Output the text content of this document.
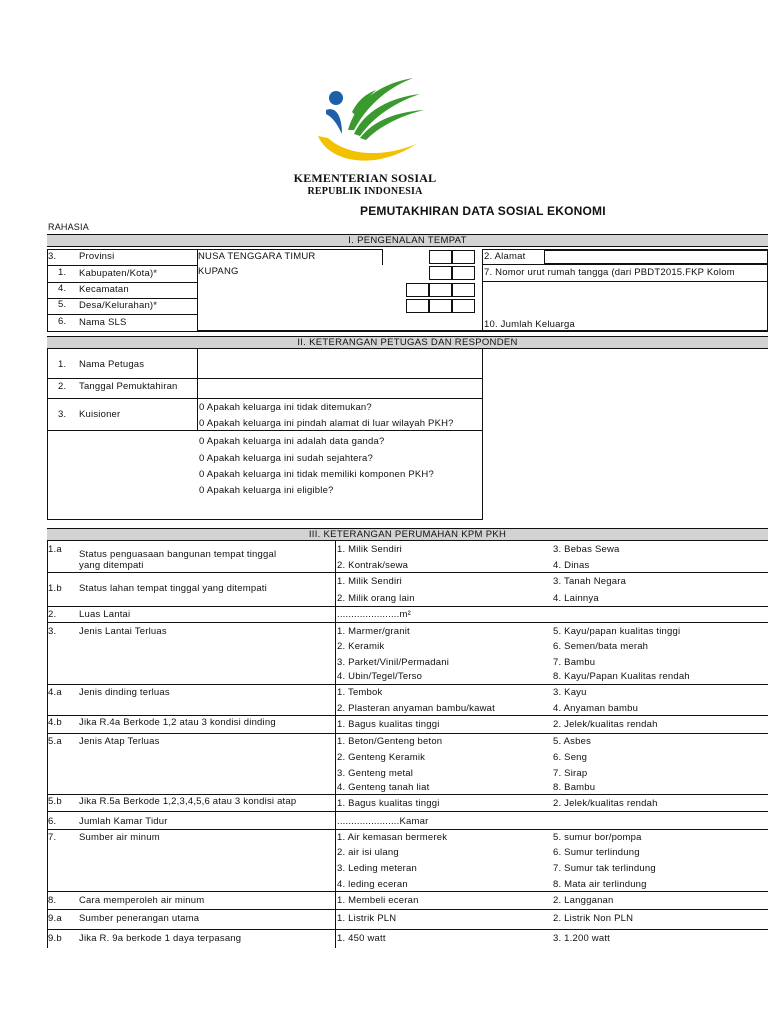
KEMENTERIAN SOSIAL
REPUBLIK INDONESIA
PEMUTAKHIRAN DATA SOSIAL EKONOMI
RAHASIA
I. PENGENALAN TEMPAT
3. Provinsi	NUSA TENGGARA TIMUR
1. Kabupaten/Kota)*	KUPANG
4. Kecamatan
5. Desa/Kelurahan)*
6. Nama SLS
2. Alamat
7. Nomor urut rumah tangga (dari PBDT2015.FKP Kolom
10. Jumlah Keluarga
II. KETERANGAN PETUGAS DAN RESPONDEN
1. Nama Petugas
2. Tanggal Pemuktahiran
3. Kuisioner
0 Apakah keluarga ini tidak ditemukan?
0 Apakah keluarga ini pindah alamat di luar wilayah PKH?
0 Apakah keluarga ini adalah data ganda?
0 Apakah keluarga ini sudah sejahtera?
0 Apakah keluarga ini tidak memiliki komponen PKH?
0 Apakah keluarga ini eligible?
III. KETERANGAN PERUMAHAN KPM PKH
1.a Status penguasaan bangunan tempat tinggal
yang ditempati
1. Milik Sendiri	3. Bebas Sewa
2. Kontrak/sewa	4. Dinas
1.b Status lahan tempat tinggal yang ditempati
1. Milik Sendiri	3. Tanah Negara
2. Milik orang lain	4. Lainnya
2. Luas Lantai	......................m²
3. Jenis Lantai Terluas	1. Marmer/granit	5. Kayu/papan kualitas tinggi
2. Keramik	6. Semen/bata merah
3. Parket/Vinil/Permadani	7. Bambu
4. Ubin/Tegel/Terso	8. Kayu/Papan Kualitas rendah
4.a Jenis dinding terluas	1. Tembok	3. Kayu
2. Plasteran anyaman bambu/kawat	4. Anyaman bambu
4.b Jika R.4a Berkode 1,2 atau 3 kondisi dinding	1. Bagus kualitas tinggi	2. Jelek/kualitas rendah
5.a Jenis Atap Terluas	1. Beton/Genteng beton	5. Asbes
2. Genteng Keramik	6. Seng
3. Genteng metal	7. Sirap
4. Genteng tanah liat	8. Bambu
5.b Jika R.5a Berkode 1,2,3,4,5,6 atau 3 kondisi atap	1. Bagus kualitas tinggi	2. Jelek/kualitas rendah
6. Jumlah Kamar Tidur	......................Kamar
7. Sumber air minum	1. Air kemasan bermerek	5. sumur bor/pompa
2. air isi ulang	6. Sumur terlindung
3. Leding meteran	7. Sumur tak terlindung
4. leding eceran	8. Mata air terlindung
8. Cara memperoleh air minum	1. Membeli eceran	2. Langganan
9.a Sumber penerangan utama	1. Listrik PLN	2. Listrik Non PLN
9.b Jika R. 9a berkode 1 daya terpasang	1. 450 watt	3. 1.200 watt
